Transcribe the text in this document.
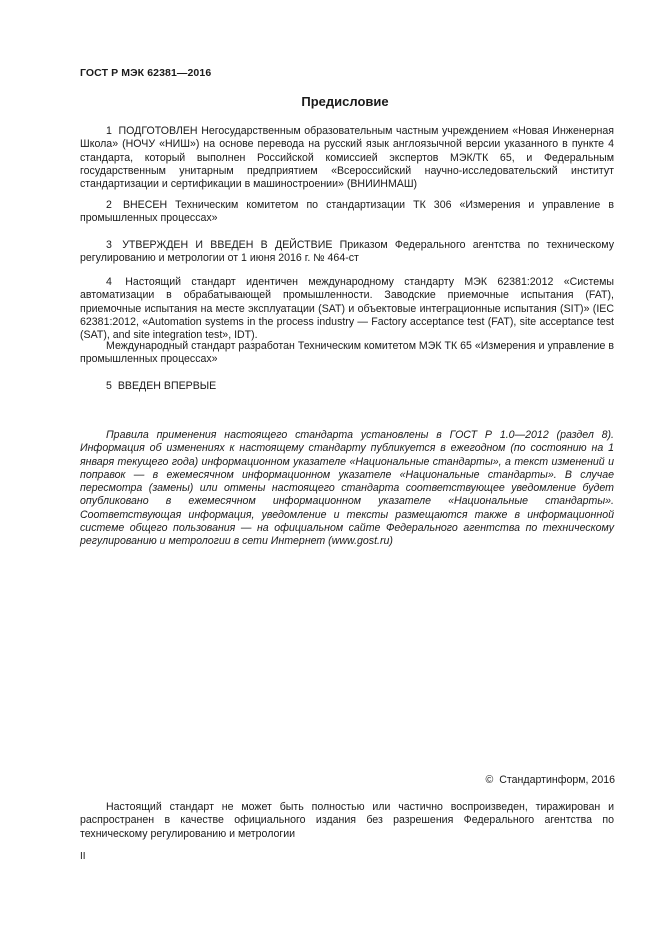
ГОСТ Р МЭК 62381—2016
Предисловие

1 ПОДГОТОВЛЕН Негосударственным образовательным частным учреждением «Новая Инженерная Школа» (НОЧУ «НИШ») на основе перевода на русский язык англоязычной версии указанного в пункте 4 стандарта, который выполнен Российской комиссией экспертов МЭК/ТК 65, и Федеральным государственным унитарным предприятием «Всероссийский научно-исследовательский институт стандартизации и сертификации в машиностроении» (ВНИИНМАШ)

2 ВНЕСЕН Техническим комитетом по стандартизации ТК 306 «Измерения и управление в промышленных процессах»

3 УТВЕРЖДЕН И ВВЕДЕН В ДЕЙСТВИЕ Приказом Федерального агентства по техническому регулированию и метрологии от 1 июня 2016 г. № 464-ст

4 Настоящий стандарт идентичен международному стандарту МЭК 62381:2012 «Системы автоматизации в обрабатывающей промышленности. Заводские приемочные испытания (FAT), приемочные испытания на месте эксплуатации (SAT) и объектовые интеграционные испытания (SIT)» (IEC 62381:2012, «Automation systems in the process industry — Factory acceptance test (FAT), site acceptance test (SAT), and site integration test», IDT).

Международный стандарт разработан Техническим комитетом МЭК ТК 65 «Измерения и управление в промышленных процессах»

5 ВВЕДЕН ВПЕРВЫЕ

Правила применения настоящего стандарта установлены в ГОСТ Р 1.0—2012 (раздел 8). Информация об изменениях к настоящему стандарту публикуется в ежегодном (по состоянию на 1 января текущего года) информационном указателе «Национальные стандарты», а текст изменений и поправок — в ежемесячном информационном указателе «Национальные стандарты». В случае пересмотра (замены) или отмены настоящего стандарта соответствующее уведомление будет опубликовано в ежемесячном информационном указателе «Национальные стандарты». Соответствующая информация, уведомление и тексты размещаются также в информационной системе общего пользования — на официальном сайте Федерального агентства по техническому регулированию и метрологии в сети Интернет (www.gost.ru)

© Стандартинформ, 2016

Настоящий стандарт не может быть полностью или частично воспроизведен, тиражирован и распространен в качестве официального издания без разрешения Федерального агентства по техническому регулированию и метрологии

II
